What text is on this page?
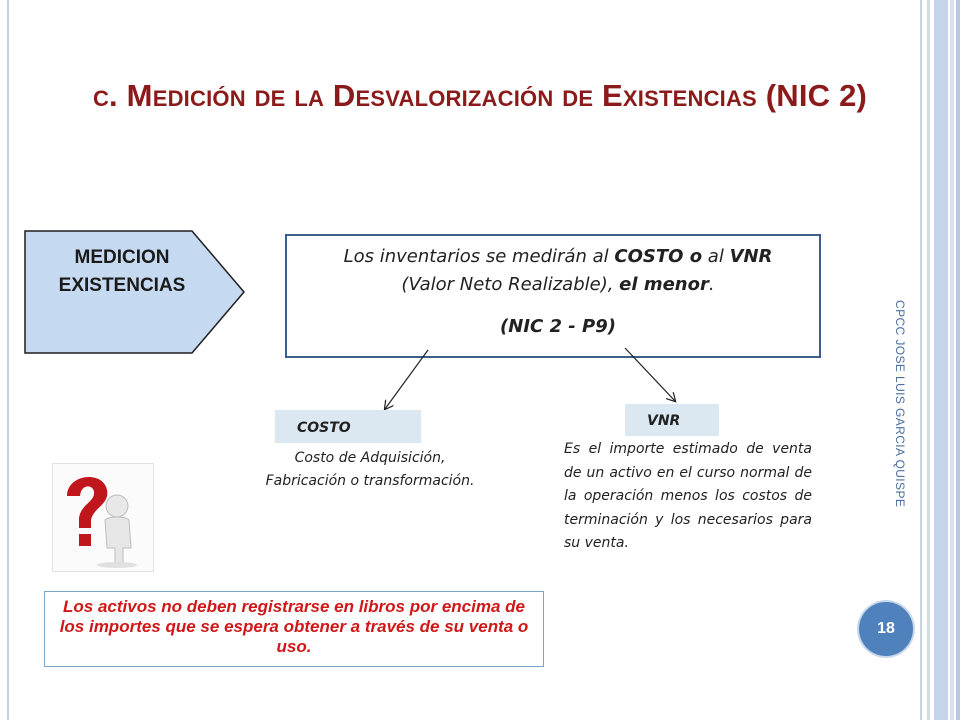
c. Medición de la Desvalorización de Existencias (NIC 2)
MEDICION
EXISTENCIAS
Los inventarios se medirán al COSTO o al VNR
(Valor Neto Realizable), el menor.
(NIC 2 - P9)
COSTO
Costo de Adquisición, Fabricación o transformación.
VNR
Es el importe estimado de venta de un activo en el curso normal de la operación menos los costos de terminación y los necesarios para su venta.
Los activos no deben registrarse en libros por encima de los importes que se espera obtener a través de su venta o uso.
CPCC JOSE LUIS GARCIA QUISPE
18
